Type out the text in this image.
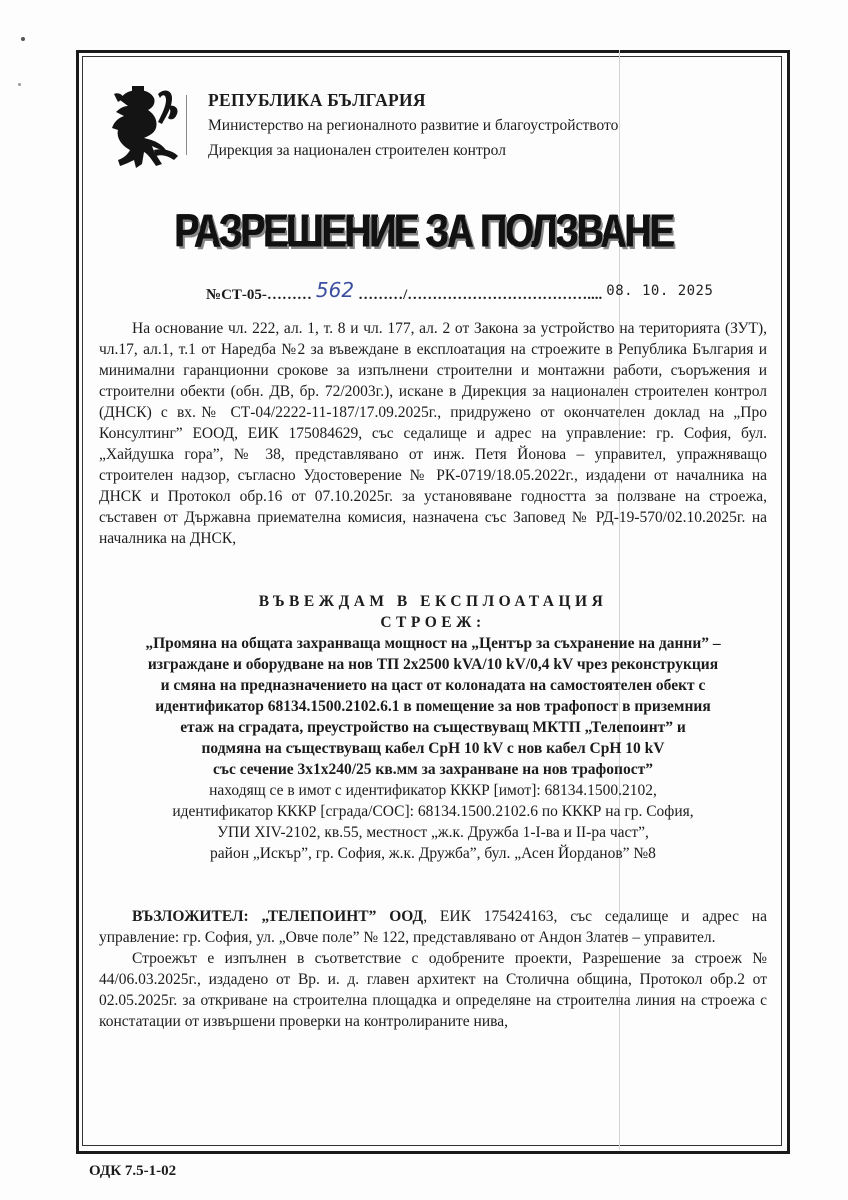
РЕПУБЛИКА БЪЛГАРИЯ
Министерство на регионалното развитие и благоустройството
Дирекция за национален строителен контрол
РАЗРЕШЕНИЕ ЗА ПОЛЗВАНЕ
№СТ-05- ……… 562 ………/……………………………….... 08. 10. 2025

На основание чл. 222, ал. 1, т. 8 и чл. 177, ал. 2 от Закона за устройство на територията (ЗУТ), чл.17, ал.1, т.1 от Наредба №2 за въвеждане в експлоатация на строежите в Република България и минимални гаранционни срокове за изпълнени строителни и монтажни работи, съоръжения и строителни обекти (обн. ДВ, бр. 72/2003г.), искане в Дирекция за национален строителен контрол (ДНСК) с вх.№ СТ-04/2222-11-187/17.09.2025г., придружено от окончателен доклад на „Про Консултинг” ЕООД, ЕИК 175084629, със седалище и адрес на управление: гр. София, бул.„Хайдушка гора”, № 38, представлявано от инж. Петя Йонова – управител, упражняващо строителен надзор, съгласно Удостоверение № РК-0719/18.05.2022г., издадени от началника на ДНСК и Протокол обр.16 от 07.10.2025г. за установяване годността за ползване на строежа, съставен от Държавна приемателна комисия, назначена със Заповед № РД-19-570/02.10.2025г. на началника на ДНСК,

ВЪВЕЖДАМ В ЕКСПЛОАТАЦИЯ
СТРОЕЖ:
„Промяна на общата захранваща мощност на „Център за съхранение на данни” –
изграждане и оборудване на нов ТП 2х2500 kVA/10 kV/0,4 kV чрез реконструкция
и смяна на предназначението на цаст от колонадата на самостоятелен обект с
идентификатор 68134.1500.2102.6.1 в помещение за нов трафопост в приземния
етаж на сградата, преустройство на съществуващ МКТП „Телепоинт” и
подмяна на съществуващ кабел СрН 10 kV с нов кабел СрН 10 kV
със сечение 3х1х240/25 кв.мм за захранване на нов трафопост”
находящ се в имот с идентификатор КККР [имот]: 68134.1500.2102,
идентификатор КККР [сграда/СОС]: 68134.1500.2102.6 по КККР на гр. София,
УПИ XIV-2102, кв.55, местност „ж.к. Дружба 1-I-ва и II-ра част”,
район „Искър”, гр. София, ж.к. Дружба”, бул. „Асен Йорданов” №8

ВЪЗЛОЖИТЕЛ: „ТЕЛЕПОИНТ” ООД, ЕИК 175424163, със седалище и адрес на управление: гр. София, ул. „Овче поле” № 122, представлявано от Андон Златев – управител.

Строежът е изпълнен в съответствие с одобрените проекти, Разрешение за строеж № 44/06.03.2025г., издадено от Вр. и. д. главен архитект на Столична община, Протокол обр.2 от 02.05.2025г. за откриване на строителна площадка и определяне на строителна линия на строежа с констатации от извършени проверки на контролираните нива,

ОДК 7.5-1-02
